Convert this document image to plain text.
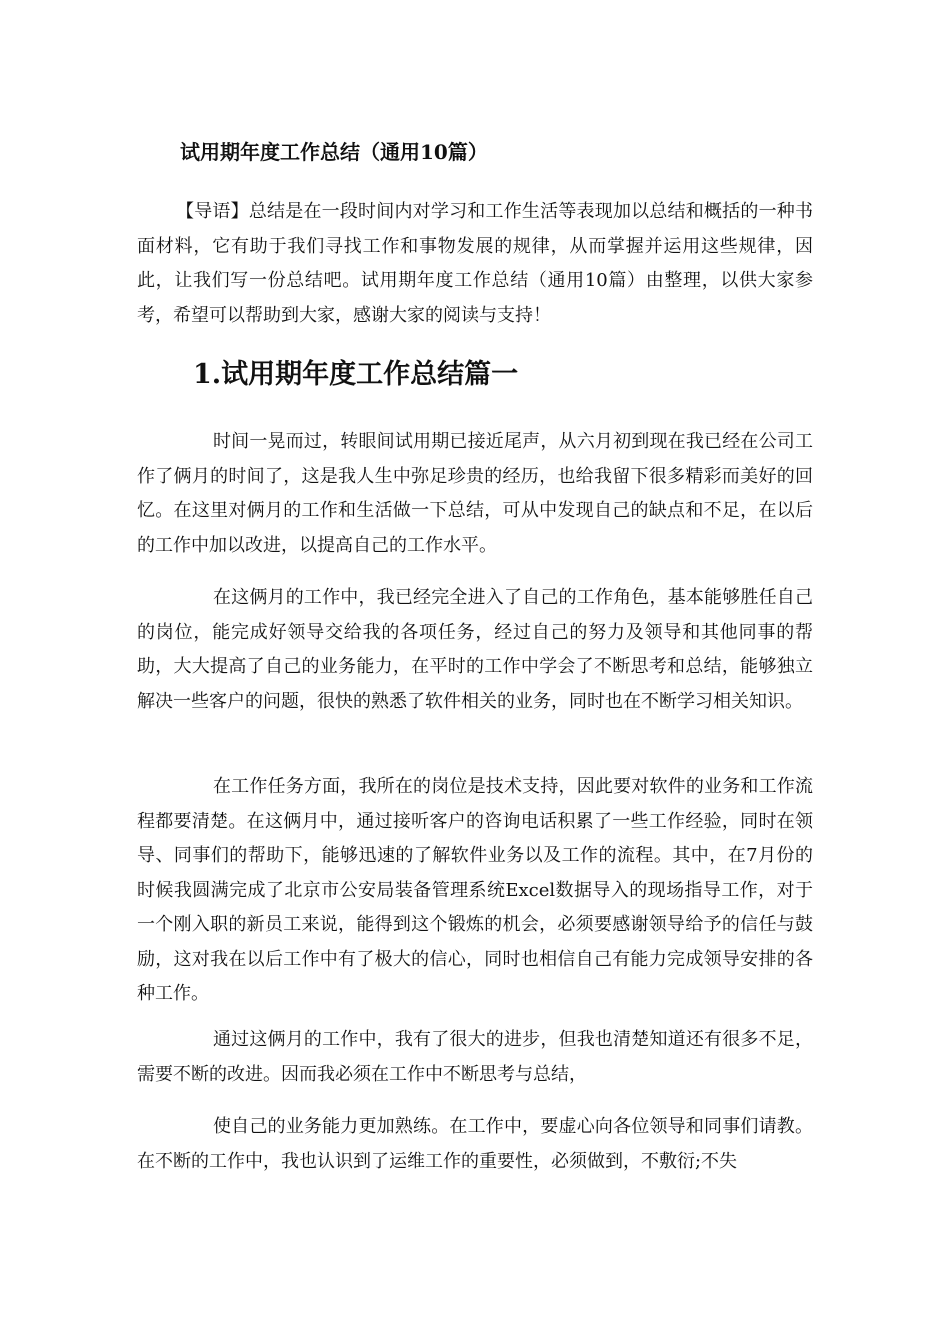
试用期年度工作总结（通用10篇）

【导语】总结是在一段时间内对学习和工作生活等表现加以总结和概括的一种书面材料，它有助于我们寻找工作和事物发展的规律，从而掌握并运用这些规律，因此，让我们写一份总结吧。试用期年度工作总结（通用10篇）由整理，以供大家参考，希望可以帮助到大家，感谢大家的阅读与支持！

1.试用期年度工作总结篇一

时间一晃而过，转眼间试用期已接近尾声，从六月初到现在我已经在公司工作了俩月的时间了，这是我人生中弥足珍贵的经历，也给我留下很多精彩而美好的回忆。在这里对俩月的工作和生活做一下总结，可从中发现自己的缺点和不足，在以后的工作中加以改进，以提高自己的工作水平。

在这俩月的工作中，我已经完全进入了自己的工作角色，基本能够胜任自己的岗位，能完成好领导交给我的各项任务，经过自己的努力及领导和其他同事的帮助，大大提高了自己的业务能力，在平时的工作中学会了不断思考和总结，能够独立解决一些客户的问题，很快的熟悉了软件相关的业务，同时也在不断学习相关知识。

在工作任务方面，我所在的岗位是技术支持，因此要对软件的业务和工作流程都要清楚。在这俩月中，通过接听客户的咨询电话积累了一些工作经验，同时在领导、同事们的帮助下，能够迅速的了解软件业务以及工作的流程。其中，在7月份的时候我圆满完成了北京市公安局装备管理系统Excel数据导入的现场指导工作，对于一个刚入职的新员工来说，能得到这个锻炼的机会，必须要感谢领导给予的信任与鼓励，这对我在以后工作中有了极大的信心，同时也相信自己有能力完成领导安排的各种工作。

通过这俩月的工作中，我有了很大的进步，但我也清楚知道还有很多不足，需要不断的改进。因而我必须在工作中不断思考与总结，

使自己的业务能力更加熟练。在工作中，要虚心向各位领导和同事们请教。在不断的工作中，我也认识到了运维工作的重要性，必须做到，不敷衍;不失
